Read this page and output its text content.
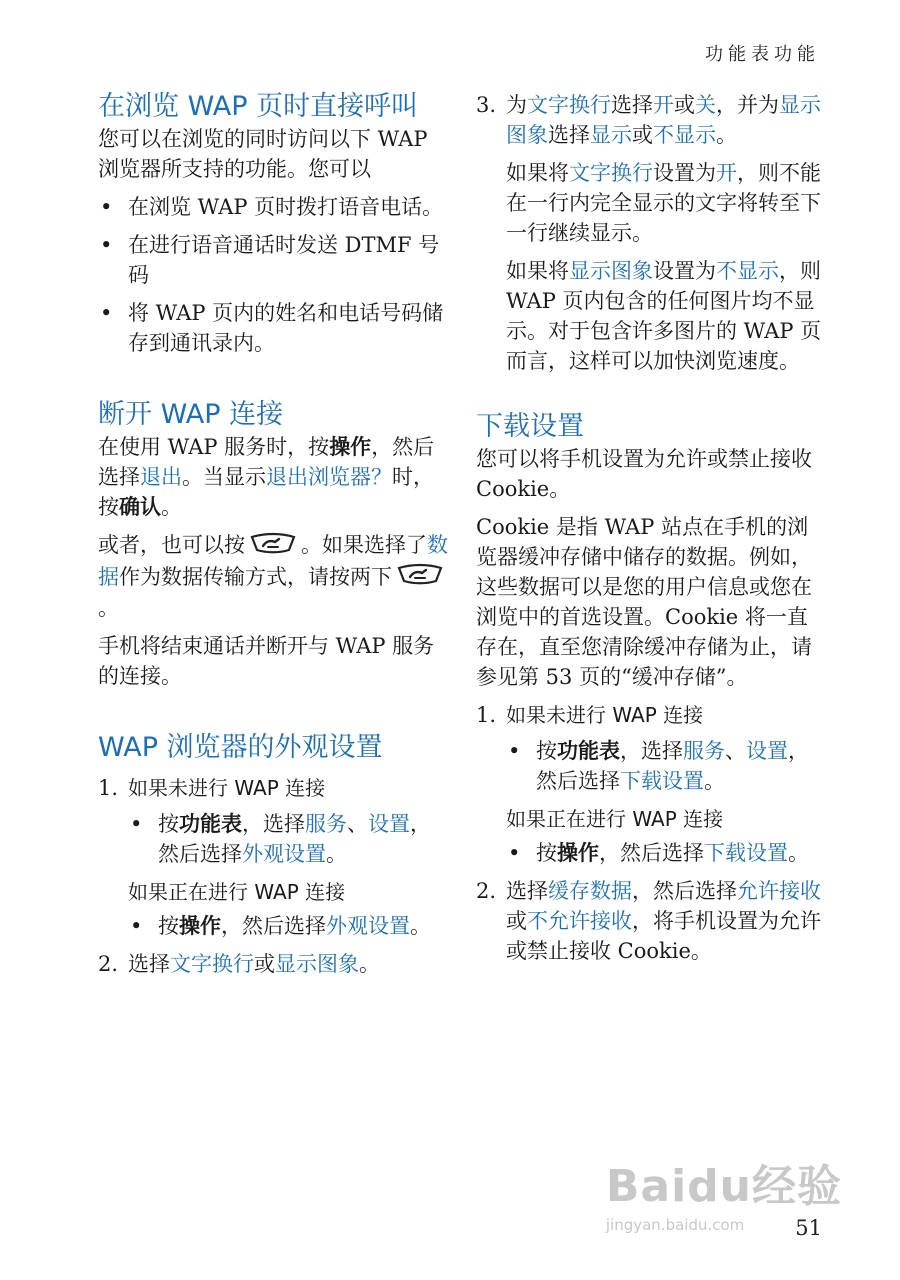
功能表功能
在浏览 WAP 页时直接呼叫

您可以在浏览的同时访问以下 WAP 浏览器所支持的功能。您可以

• 在浏览 WAP 页时拨打语音电话。
• 在进行语音通话时发送 DTMF 号码
• 将 WAP 页内的姓名和电话号码储存到通讯录内。
断开 WAP 连接

在使用 WAP 服务时，按操作，然后选择退出。当显示退出浏览器？时，按确认。

或者，也可以按	。如果选择了数据作为数据传输方式，请按两下。

手机将结束通话并断开与 WAP 服务的连接。

WAP 浏览器的外观设置
1. 如果未进行 WAP 连接
• 按功能表，选择服务、设置，然后选择外观设置。
如果正在进行 WAP 连接
• 按操作，然后选择外观设置。
2. 选择文字换行或显示图象。
3. 为文字换行选择开或关，并为显示图象选择显示或不显示。
如果将文字换行设置为开，则不能在一行内完全显示的文字将转至下一行继续显示。
如果将显示图象设置为不显示，则 WAP 页内包含的任何图片均不显示。对于包含许多图片的 WAP 页而言，这样可以加快浏览速度。
下载设置

您可以将手机设置为允许或禁止接收 Cookie。

Cookie 是指 WAP 站点在手机的浏览器缓冲存储中储存的数据。例如，这些数据可以是您的用户信息或您在浏览中的首选设置。Cookie 将一直存在，直至您清除缓冲存储为止，请参见第 53 页的“缓冲存储”。

1. 如果未进行 WAP 连接
• 按功能表，选择服务、设置，然后选择下载设置。
如果正在进行 WAP 连接
• 按操作，然后选择下载设置。
2. 选择缓存数据，然后选择允许接收或不允许接收，将手机设置为允许或禁止接收 Cookie。
Baidu经验
jingyan.baidu.com	51
